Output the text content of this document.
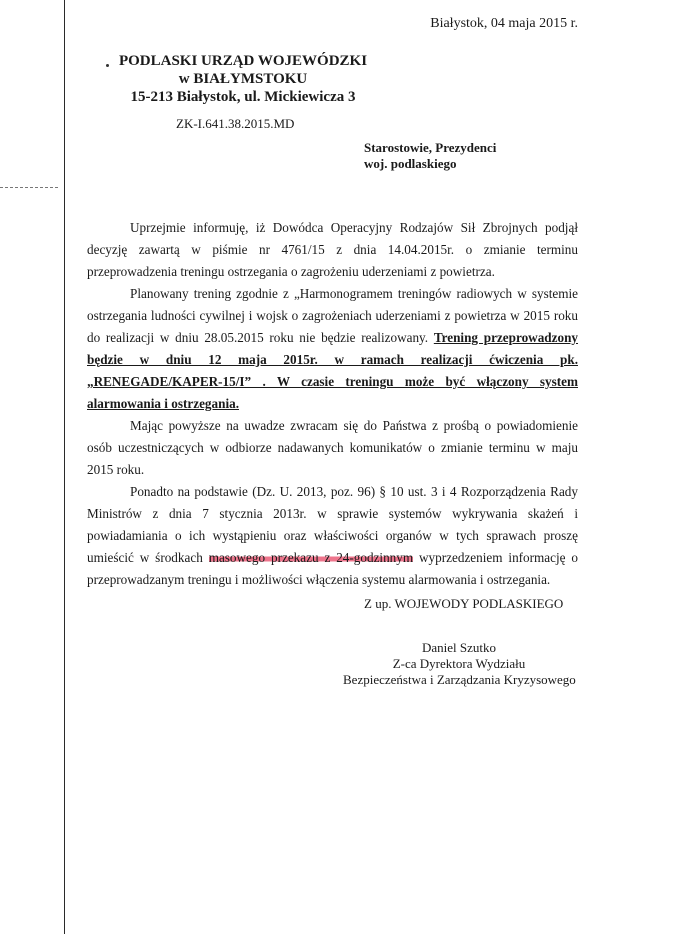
Białystok, 04 maja 2015 r.
PODLASKI URZĄD WOJEWÓDZKI
w BIAŁYMSTOKU
15-213 Białystok, ul. Mickiewicza 3
ZK-I.641.38.2015.MD
Starostowie, Prezydenci
woj. podlaskiego

Uprzejmie informuję, iż Dowódca Operacyjny Rodzajów Sił Zbrojnych podjął decyzję zawartą w piśmie nr 4761/15 z dnia 14.04.2015r. o zmianie terminu przeprowadzenia treningu ostrzegania o zagrożeniu uderzeniami z powietrza.

Planowany trening zgodnie z „Harmonogramem treningów radiowych w systemie ostrzegania ludności cywilnej i wojsk o zagrożeniach uderzeniami z powietrza w 2015 roku do realizacji w dniu 28.05.2015 roku nie będzie realizowany. Trening przeprowadzony będzie w dniu 12 maja 2015r. w ramach realizacji ćwiczenia pk. „RENEGADE/KAPER-15/I” . W czasie treningu może być włączony system alarmowania i ostrzegania.

Mając powyższe na uwadze zwracam się do Państwa z prośbą o powiadomienie osób uczestniczących w odbiorze nadawanych komunikatów o zmianie terminu w maju 2015 roku.

Ponadto na podstawie (Dz. U. 2013, poz. 96) § 10 ust. 3 i 4 Rozporządzenia Rady Ministrów z dnia 7 stycznia 2013r. w sprawie systemów wykrywania skażeń i powiadamiania o ich wystąpieniu oraz właściwości organów w tych sprawach proszę umieścić w środkach masowego przekazu z 24-godzinnym wyprzedzeniem informację o przeprowadzanym treningu i możliwości włączenia systemu alarmowania i ostrzegania.

Z up. WOJEWODY PODLASKIEGO
Daniel Szutko
Z-ca Dyrektora Wydziału
Bezpieczeństwa i Zarządzania Kryzysowego
